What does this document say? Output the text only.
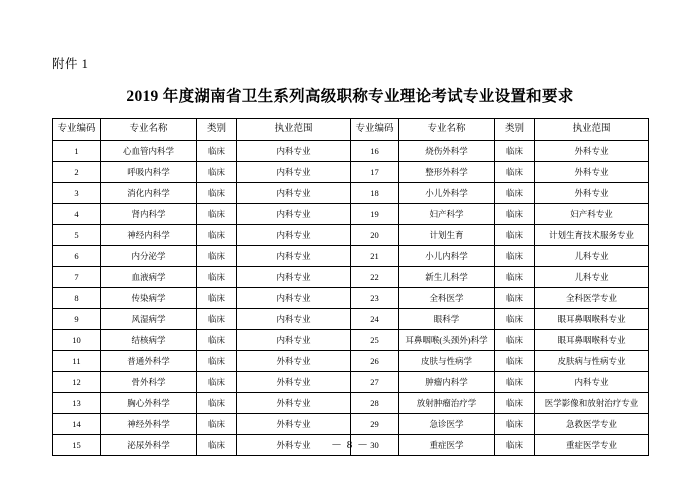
附件 1
2019 年度湖南省卫生系列高级职称专业理论考试专业设置和要求
专业编码	专业名称	类别	执业范围	专业编码	专业名称	类别	执业范围
1	心血管内科学	临床	内科专业	16	烧伤外科学	临床	外科专业
2	呼吸内科学	临床	内科专业	17	整形外科学	临床	外科专业
3	消化内科学	临床	内科专业	18	小儿外科学	临床	外科专业
4	肾内科学	临床	内科专业	19	妇产科学	临床	妇产科专业
5	神经内科学	临床	内科专业	20	计划生育	临床	计划生育技术服务专业
6	内分泌学	临床	内科专业	21	小儿内科学	临床	儿科专业
7	血液病学	临床	内科专业	22	新生儿科学	临床	儿科专业
8	传染病学	临床	内科专业	23	全科医学	临床	全科医学专业
9	风湿病学	临床	内科专业	24	眼科学	临床	眼耳鼻咽喉科专业
10	结核病学	临床	内科专业	25	耳鼻咽喉(头颈外)科学	临床	眼耳鼻咽喉科专业
11	普通外科学	临床	外科专业	26	皮肤与性病学	临床	皮肤病与性病专业
12	骨外科学	临床	外科专业	27	肿瘤内科学	临床	内科专业
13	胸心外科学	临床	外科专业	28	放射肿瘤治疗学	临床	医学影像和放射治疗专业
14	神经外科学	临床	外科专业	29	急诊医学	临床	急救医学专业
15	泌尿外科学	临床	外科专业	30	重症医学	临床	重症医学专业
－ 8 －
